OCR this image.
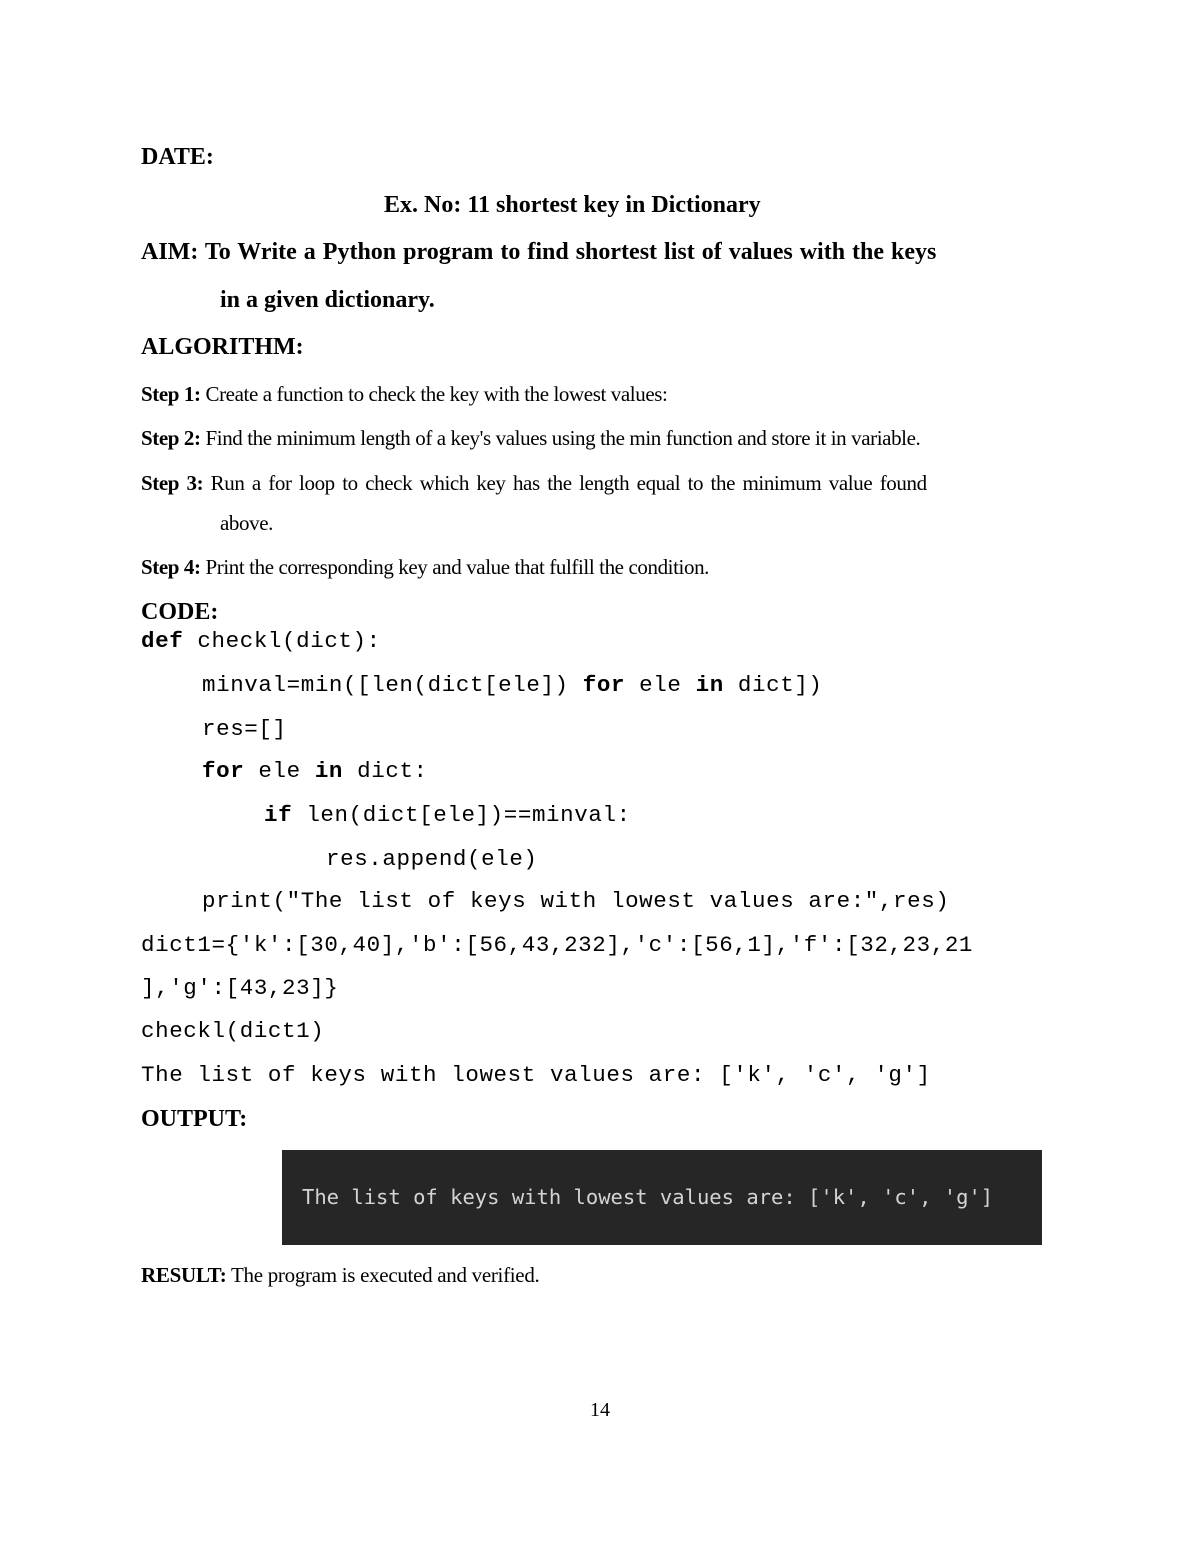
DATE:
Ex. No: 11 shortest key in Dictionary
AIM: To Write a Python program to find shortest list of values with the keys
in a given dictionary.
ALGORITHM:
Step 1: Create a function to check the key with the lowest values:
Step 2: Find the minimum length of a key's values using the min function and store it in variable.
Step 3: Run a for loop to check which key has the length equal to the minimum value found
above.
Step 4: Print the corresponding key and value that fulfill the condition.
CODE:
def checkl(dict):
minval=min([len(dict[ele]) for ele in dict])
res=[]
for ele in dict:
if len(dict[ele])==minval:
res.append(ele)
print("The list of keys with lowest values are:",res)
dict1={'k':[30,40],'b':[56,43,232],'c':[56,1],'f':[32,23,21
],'g':[43,23]}
checkl(dict1)
The list of keys with lowest values are: ['k', 'c', 'g']
OUTPUT:
The list of keys with lowest values are: ['k', 'c', 'g']
RESULT: The program is executed and verified.
14
